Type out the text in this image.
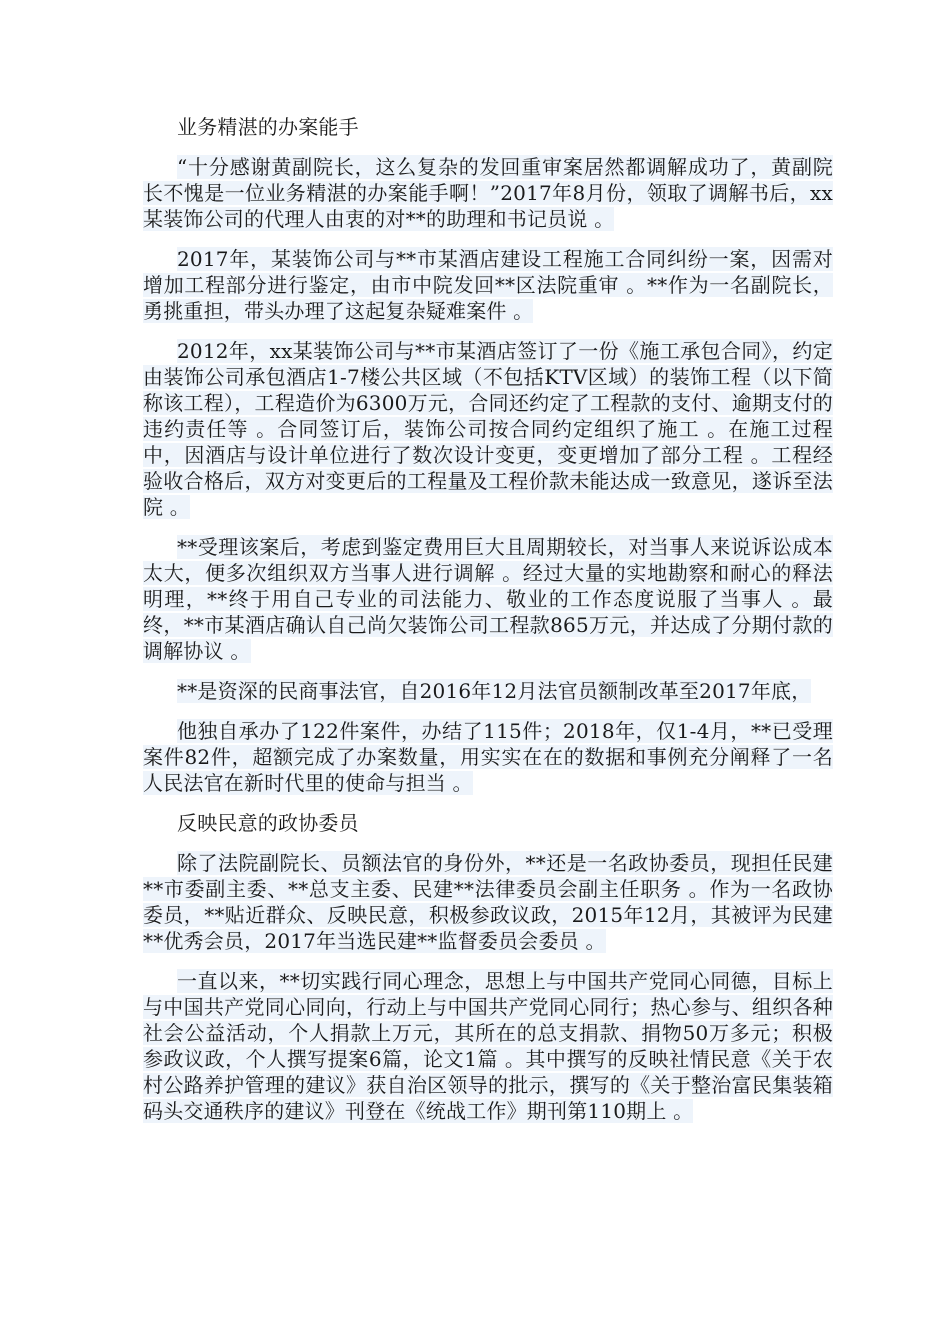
业务精湛的办案能手

“十分感谢黄副院长，这么复杂的发回重审案居然都调解成功了，黄副院长不愧是一位业务精湛的办案能手啊！”2017年8月份，领取了调解书后，xx某装饰公司的代理人由衷的对**的助理和书记员说 。

2017年，某装饰公司与**市某酒店建设工程施工合同纠纷一案，因需对增加工程部分进行鉴定，由市中院发回**区法院重审 。**作为一名副院长，勇挑重担，带头办理了这起复杂疑难案件 。

2012年，xx某装饰公司与**市某酒店签订了一份《施工承包合同》，约定由装饰公司承包酒店1-7楼公共区域（不包括KTV区域）的装饰工程（以下简称该工程），工程造价为6300万元，合同还约定了工程款的支付、逾期支付的违约责任等 。合同签订后，装饰公司按合同约定组织了施工 。在施工过程中，因酒店与设计单位进行了数次设计变更，变更增加了部分工程 。工程经验收合格后，双方对变更后的工程量及工程价款未能达成一致意见，遂诉至法院 。

**受理该案后，考虑到鉴定费用巨大且周期较长，对当事人来说诉讼成本太大，便多次组织双方当事人进行调解 。经过大量的实地勘察和耐心的释法明理，**终于用自己专业的司法能力、敬业的工作态度说服了当事人 。最终，**市某酒店确认自己尚欠装饰公司工程款865万元，并达成了分期付款的调解协议 。

**是资深的民商事法官，自2016年12月法官员额制改革至2017年底，

他独自承办了122件案件，办结了115件；2018年，仅1-4月，**已受理案件82件，超额完成了办案数量，用实实在在的数据和事例充分阐释了一名人民法官在新时代里的使命与担当 。

反映民意的政协委员

除了法院副院长、员额法官的身份外，**还是一名政协委员，现担任民建**市委副主委、**总支主委、民建**法律委员会副主任职务 。作为一名政协委员，**贴近群众、反映民意，积极参政议政，2015年12月，其被评为民建**优秀会员，2017年当选民建**监督委员会委员 。

一直以来，**切实践行同心理念，思想上与中国共产党同心同德，目标上与中国共产党同心同向，行动上与中国共产党同心同行；热心参与、组织各种社会公益活动，个人捐款上万元，其所在的总支捐款、捐物50万多元；积极参政议政，个人撰写提案6篇，论文1篇 。其中撰写的反映社情民意《关于农村公路养护管理的建议》获自治区领导的批示，撰写的《关于整治富民集装箱码头交通秩序的建议》刊登在《统战工作》期刊第110期上 。
